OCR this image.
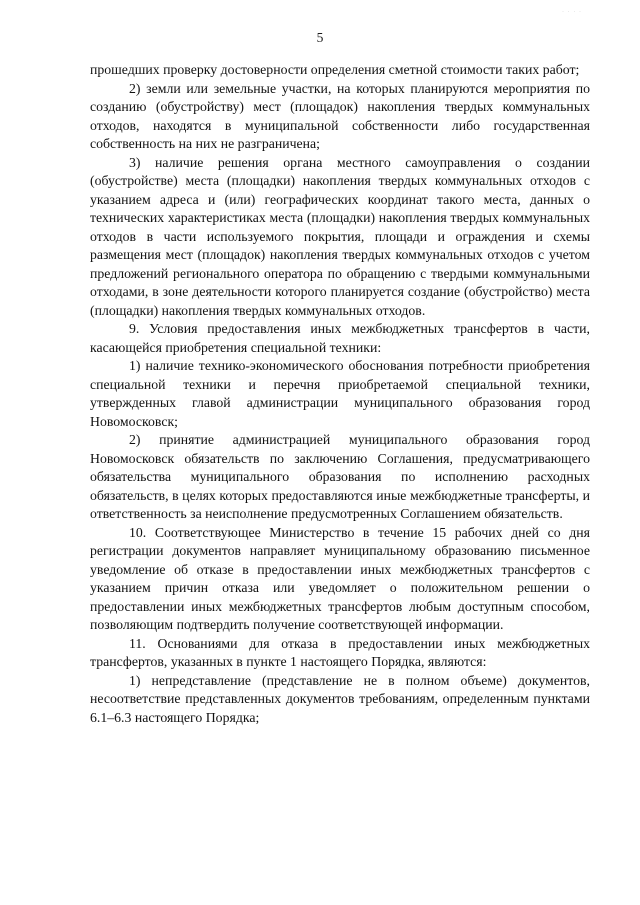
· · · ·
5

прошедших проверку достоверности определения сметной стоимости таких работ;

2) земли или земельные участки, на которых планируются мероприятия по созданию (обустройству) мест (площадок) накопления твердых коммунальных отходов, находятся в муниципальной собственности либо государственная собственность на них не разграничена;

3) наличие решения органа местного самоуправления о создании (обустройстве) места (площадки) накопления твердых коммунальных отходов с указанием адреса и (или) географических координат такого места, данных о технических характеристиках места (площадки) накопления твердых коммунальных отходов в части используемого покрытия, площади и ограждения и схемы размещения мест (площадок) накопления твердых коммунальных отходов с учетом предложений регионального оператора по обращению с твердыми коммунальными отходами, в зоне деятельности которого планируется создание (обустройство) места (площадки) накопления твердых коммунальных отходов.

9. Условия предоставления иных межбюджетных трансфертов в части, касающейся приобретения специальной техники:

1) наличие технико-экономического обоснования потребности приобретения специальной техники и перечня приобретаемой специальной техники, утвержденных главой администрации муниципального образования город Новомосковск;

2) принятие администрацией муниципального образования город Новомосковск обязательств по заключению Соглашения, предусматривающего обязательства муниципального образования по исполнению расходных обязательств, в целях которых предоставляются иные межбюджетные трансферты, и ответственность за неисполнение предусмотренных Соглашением обязательств.

10. Соответствующее Министерство в течение 15 рабочих дней со дня регистрации документов направляет муниципальному образованию письменное уведомление об отказе в предоставлении иных межбюджетных трансфертов с указанием причин отказа или уведомляет о положительном решении о предоставлении иных межбюджетных трансфертов любым доступным способом, позволяющим подтвердить получение соответствующей информации.

11. Основаниями для отказа в предоставлении иных межбюджетных трансфертов, указанных в пункте 1 настоящего Порядка, являются:

1) непредставление (представление не в полном объеме) документов, несоответствие представленных документов требованиям, определенным пунктами 6.1–6.3 настоящего Порядка;
